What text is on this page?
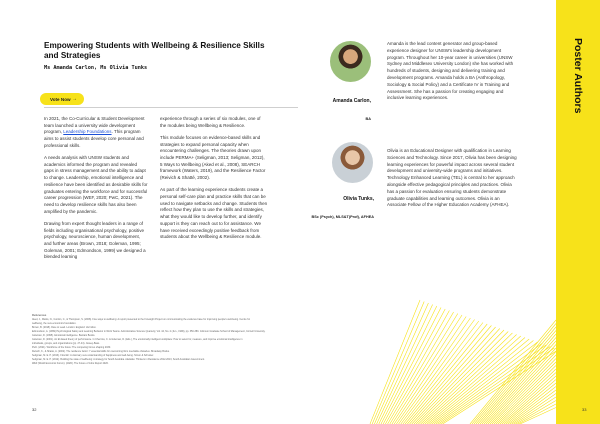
Empowering Students with Wellbeing & Resilience Skills and Strategies
Ms Amanda Carlon, Ms Olivia Tunks
Vote Now →

In 2021, the Co-Curricular & Student Development team launched a university wide development program, Leadership Foundations. This program aims to assist students develop core personal and professional skills.

A needs analysis with UNSW students and academics informed the program and revealed gaps in stress management and the ability to adapt to change. Leadership, emotional intelligence and resilience have been identified as desirable skills for graduates entering the workforce and for successful career progression (WEF, 2020; PwC, 2021). The need to develop resilience skills has also been amplified by the pandemic.

Drawing from expert thought leaders in a range of fields including organisational psychology, positive psychology, neuroscience, human development, and further areas (Brown, 2018; Goleman, 1995; Goleman, 2001; Edmondson, 1999) we designed a blended learning

experience through a series of six modules, one of the modules being Wellbeing & Resilience.

This module focuses on evidence-based skills and strategies to expand personal capacity when encountering challenges. The theories drawn upon include PERMA+ (Seligman, 2013; Seligman, 2012), 5 Ways to Wellbeing (Aked et al., 2008), SEARCH framework (Waters, 2019), and the Resilience Factor (Reivich & Shatté, 2002).

As part of the learning experience students create a personal self-care plan and practice skills that can be used to navigate setbacks and change. Students then reflect how they plan to use the skills and strategies, what they would like to develop further, and identify support is they can reach out to for assistance. We have received exceedingly positive feedback from students about the Wellbeing & Resilience module.

References
Aked, J., Marks, N., Cordon, C., & Thompson, S. (2008). Five ways to wellbeing: A report presented to the Foresight Project on communicating the evidence base for improving people's well-being. Centre for
wellbeing, the new economics foundation.
Brown, B. (2018). Dare to Lead. London: England: Vermilion.
Edmondson, A. (1999) Psychological Safety and Learning Behavior in Work Teams. Administrative Science Quarterly, Vol. 44, No. 2 (Jun., 1999), pp. 350-383. Johnson Graduate School of Management, Cornell University.
Goleman, D. (1995). Emotional intelligence. Bantam Books.
Goleman, D. (2001). An El-based theory of performance. In Cherniss, C. & Goleman, D. (Eds.), The emotionally intelligent workplace: How to select for, measure, and improve emotional intelligence in
individuals, groups, and organizations (pp. 27-44). Jossey-Bass.
PwC. (2021). Workforce of the future: The competing forces shaping 2030.
Reivich, K., & Shatté, A. (2002). The resilience factor: 7 essential skills for overcoming life's inevitable obstacles. Broadway Books.
Seligman, M. E. P. (2013). Flourish: A visionary new understanding of happiness and well-being. Simon & Schuster.
Seligman, M. E. P. (2012). Building the state of wellbeing: A strategy for South Australia. Adelaide: Thinkers in Residence 2012-2013, South Australian Government.
WEF (World Economic Forum). (2020). The Future of Jobs Report 2020.
32
Amanda Carlon,
BA
Amanda is the lead content generator and group-based experience designer for UNSW's leadership development program. Throughout her 10-year career in universities (UNSW Sydney and Middlesex University London) she has worked with hundreds of students, designing and delivering training and development programs. Amanda holds a BA (Anthropology, Sociology & Social Policy) and a Certificate IV in Training and Assessment. She has a passion for creating engaging and inclusive learning experiences.
Olivia Tunks,
BSc (Psych), MLS&T(Prof), AFHEA
Olivia is an Educational Designer with qualification in Learning Sciences and Technology. Since 2017, Olivia has been designing learning experiences for powerful impact across several student development and university-wide programs and initiatives. Technology Enhanced Learning (TEL) is central to her approach alongside effective pedagogical principles and practices. Olivia has a passion for evaluation ensuring students demonstrate graduate capabilities and learning outcomes. Olivia is an Associate Fellow of the Higher Education Academy (AFHEA).
Poster Authors
33
